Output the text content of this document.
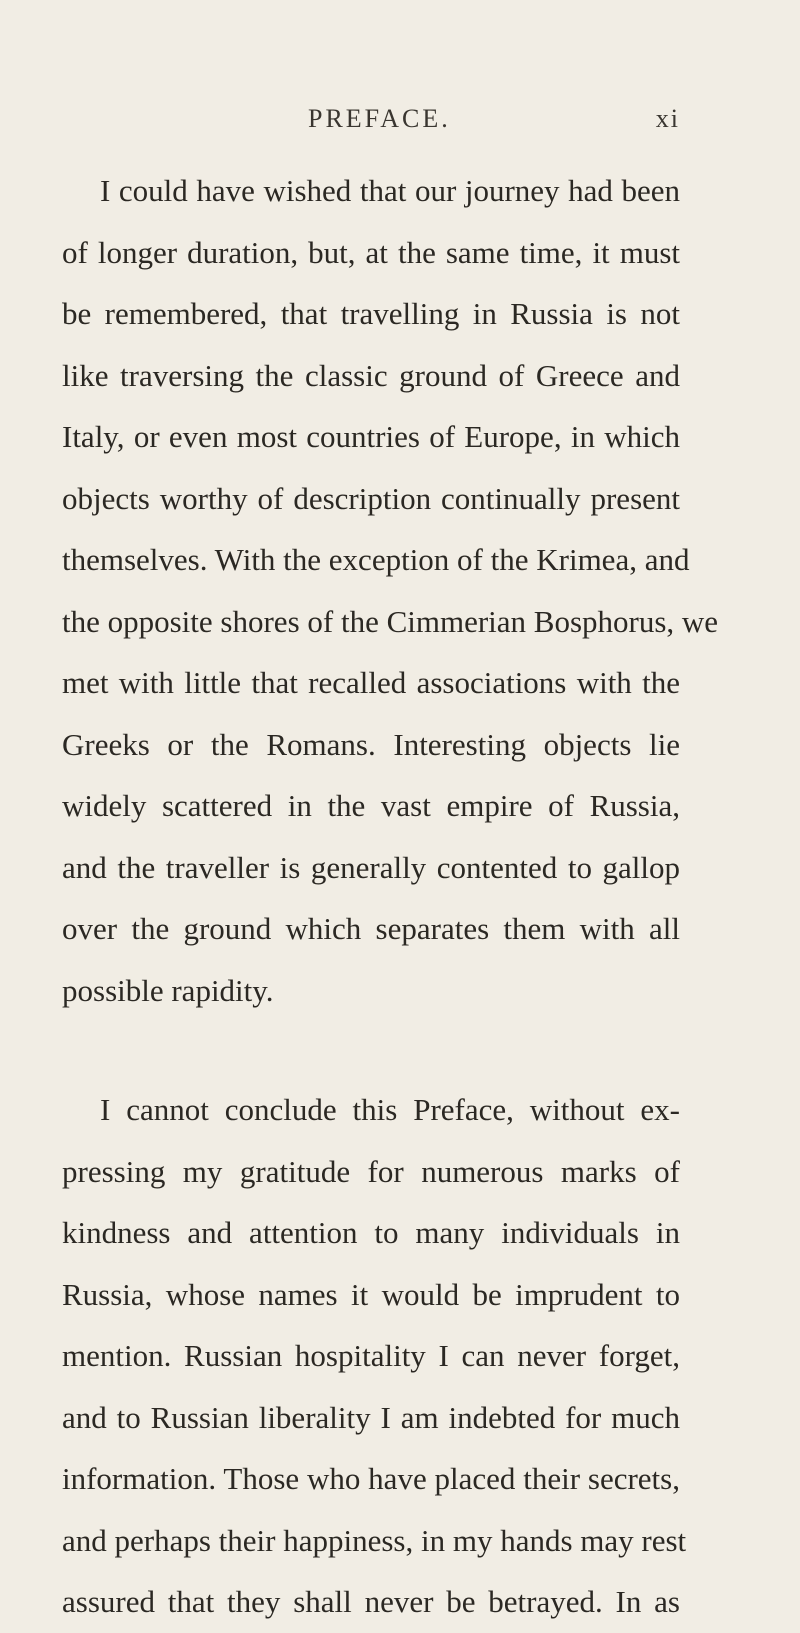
PREFACE.	xi
I could have wished that our journey had been
of longer duration, but, at the same time, it must
be remembered, that travelling in Russia is not
like traversing the classic ground of Greece and
Italy, or even most countries of Europe, in which
objects worthy of description continually present
themselves. With the exception of the Krimea, and
the opposite shores of the Cimmerian Bosphorus, we
met with little that recalled associations with the
Greeks or the Romans. Interesting objects lie
widely scattered in the vast empire of Russia,
and the traveller is generally contented to gallop
over the ground which separates them with all
possible rapidity.
I cannot conclude this Preface, without ex-
pressing my gratitude for numerous marks of
kindness and attention to many individuals in
Russia, whose names it would be imprudent to
mention. Russian hospitality I can never forget,
and to Russian liberality I am indebted for much
information. Those who have placed their secrets,
and perhaps their happiness, in my hands may rest
assured that they shall never be betrayed. In as
